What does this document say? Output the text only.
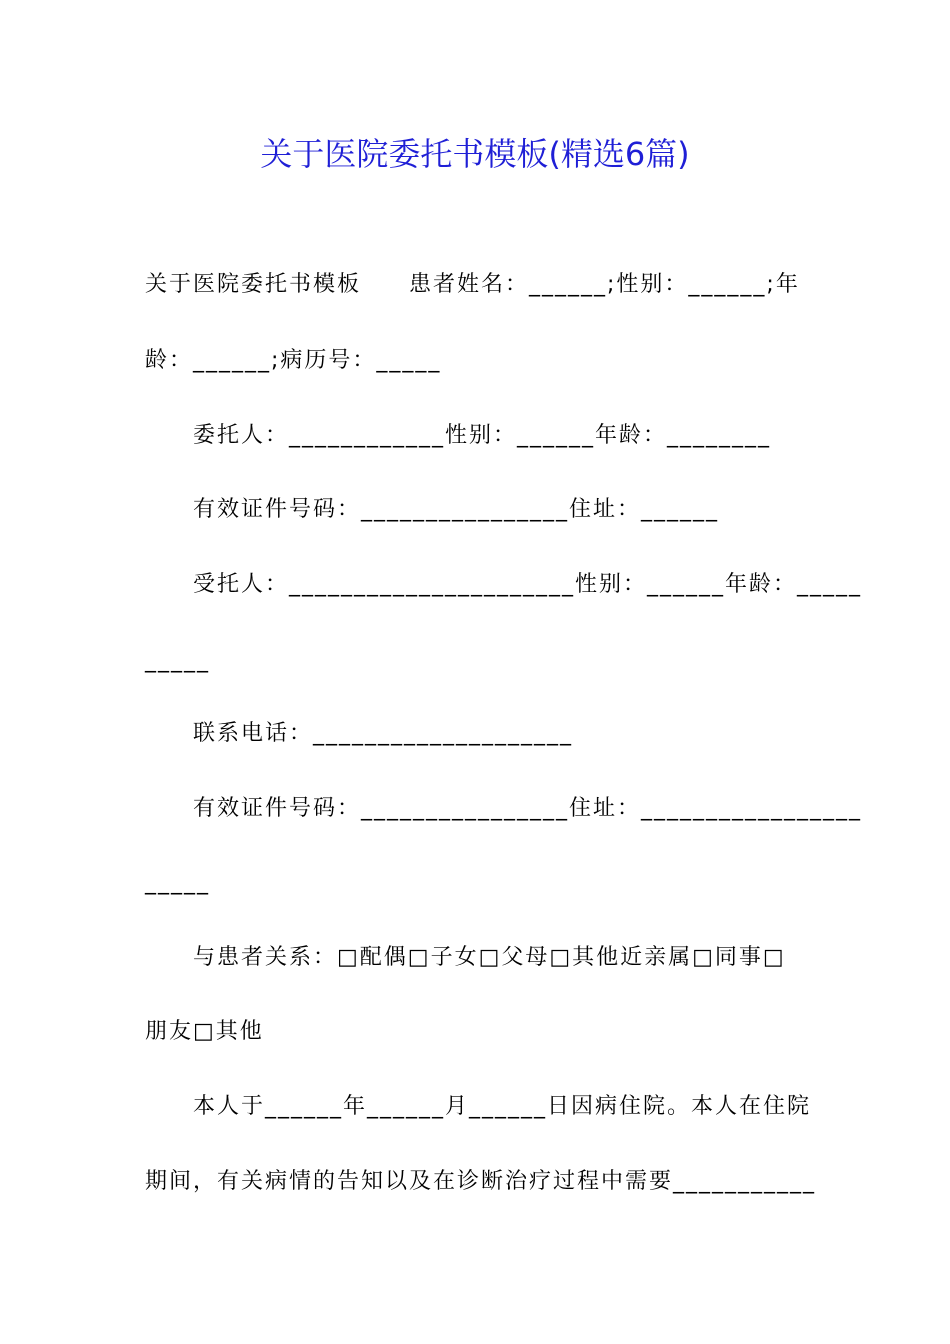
关于医院委托书模板(精选6篇)
关于医院委托书模板　　患者姓名：______;性别：______;年
龄：______;病历号：_____
委托人：____________性别：______年龄：________
有效证件号码：________________住址：______
受托人：______________________性别：______年龄：_____
_____
联系电话：____________________
有效证件号码：________________住址：_________________
_____
与患者关系：□配偶□子女□父母□其他近亲属□同事□
朋友□其他
本人于______年______月______日因病住院。本人在住院
期间，有关病情的告知以及在诊断治疗过程中需要___________
